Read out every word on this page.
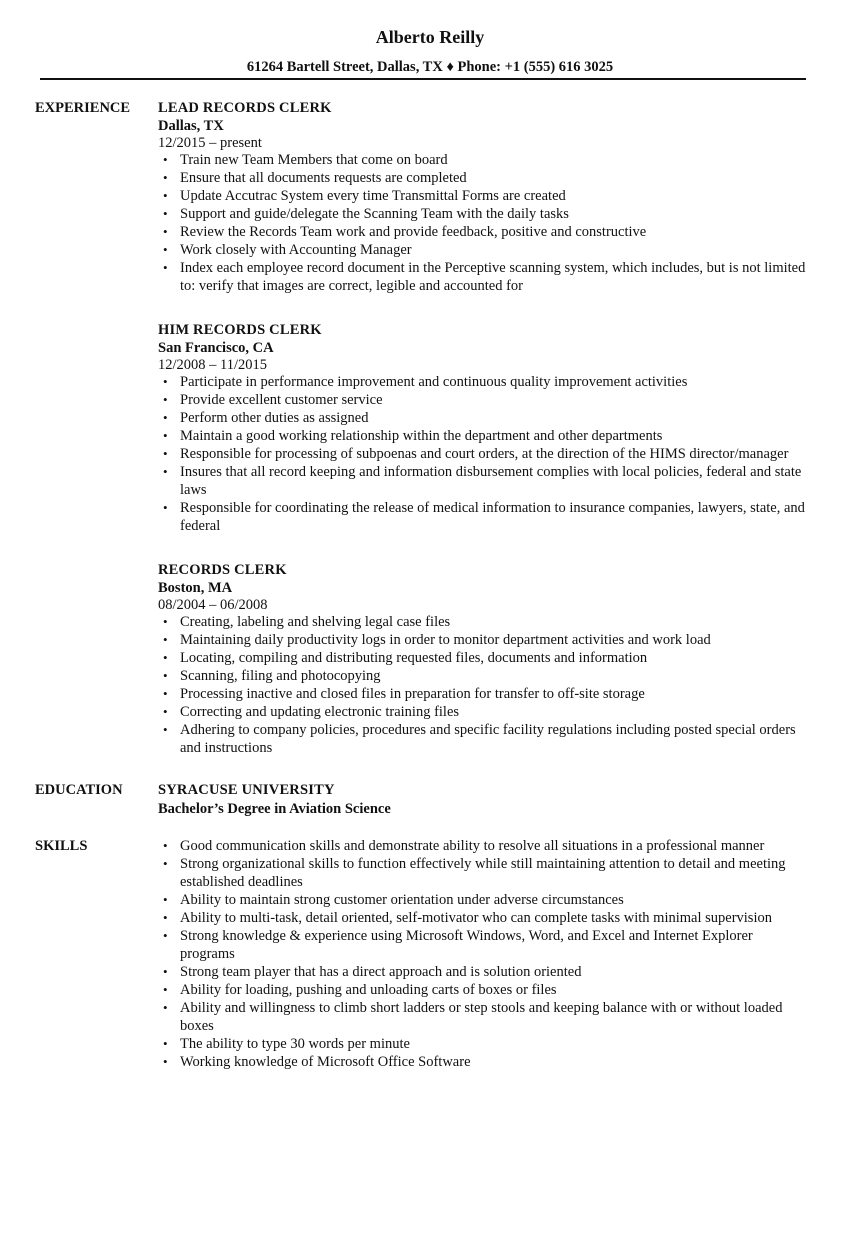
Alberto Reilly
61264 Bartell Street, Dallas, TX ♦ Phone: +1 (555) 616 3025
EXPERIENCE LEAD RECORDS CLERK
Dallas, TX
12/2015 – present
• Train new Team Members that come on board
• Ensure that all documents requests are completed
• Update Accutrac System every time Transmittal Forms are created
• Support and guide/delegate the Scanning Team with the daily tasks
• Review the Records Team work and provide feedback, positive and constructive
• Work closely with Accounting Manager
• Index each employee record document in the Perceptive scanning system, which includes, but is not limited to: verify that images are correct, legible and accounted for
HIM RECORDS CLERK
San Francisco, CA
12/2008 – 11/2015
• Participate in performance improvement and continuous quality improvement activities
• Provide excellent customer service
• Perform other duties as assigned
• Maintain a good working relationship within the department and other departments
• Responsible for processing of subpoenas and court orders, at the direction of the HIMS director/manager
• Insures that all record keeping and information disbursement complies with local policies, federal and state laws
• Responsible for coordinating the release of medical information to insurance companies, lawyers, state, and federal
RECORDS CLERK
Boston, MA
08/2004 – 06/2008
• Creating, labeling and shelving legal case files
• Maintaining daily productivity logs in order to monitor department activities and work load
• Locating, compiling and distributing requested files, documents and information
• Scanning, filing and photocopying
• Processing inactive and closed files in preparation for transfer to off-site storage
• Correcting and updating electronic training files
• Adhering to company policies, procedures and specific facility regulations including posted special orders and instructions
EDUCATION SYRACUSE UNIVERSITY
Bachelor’s Degree in Aviation Science
SKILLS
•	Good communication skills and demonstrate ability to resolve all situations in a professional manner
• Strong organizational skills to function effectively while still maintaining attention to detail and meeting established deadlines
• Ability to maintain strong customer orientation under adverse circumstances
• Ability to multi-task, detail oriented, self-motivator who can complete tasks with minimal supervision
• Strong knowledge & experience using Microsoft Windows, Word, and Excel and Internet Explorer programs
• Strong team player that has a direct approach and is solution oriented
• Ability for loading, pushing and unloading carts of boxes or files
• Ability and willingness to climb short ladders or step stools and keeping balance with or without loaded boxes
• The ability to type 30 words per minute
• Working knowledge of Microsoft Office Software
